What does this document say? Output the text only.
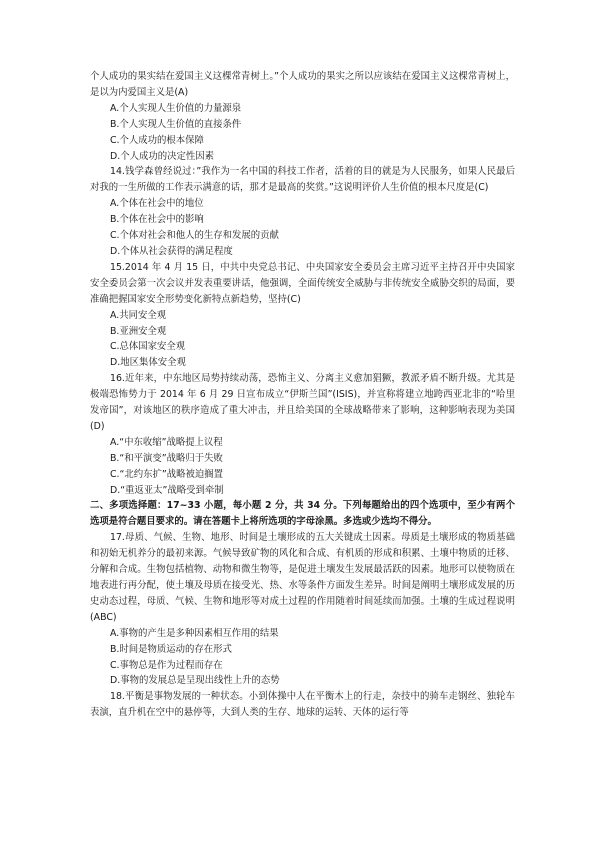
个人成功的果实结在爱国主义这棵常青树上。”个人成功的果实之所以应该结在爱国主义这棵常青树上，是以为内爱国主义是(A)

A.个人实现人生价值的力量源泉

B.个人实现人生价值的直接条件

C.个人成功的根本保障

D.个人成功的决定性因素

14.钱学森曾经说过：”我作为一名中国的科技工作者，活着的目的就是为人民服务，如果人民最后对我的一生所做的工作表示满意的话，那才是最高的奖赏。”这说明评价人生价值的根本尺度是(C)

A.个体在社会中的地位

B.个体在社会中的影响

C.个体对社会和他人的生存和发展的贡献

D.个体从社会获得的满足程度

15.2014 年 4 月 15 日，中共中央党总书记、中央国家安全委员会主席习近平主持召开中央国家安全委员会第一次会议并发表重要讲话，他强调，全面传统安全威胁与非传统安全威胁交织的局面，要准确把握国家安全形势变化新特点新趋势，坚持(C)

A.共同安全观

B.亚洲安全观

C.总体国家安全观

D.地区集体安全观

16.近年来，中东地区局势持续动荡，恐怖主义、分离主义愈加猖獗，教派矛盾不断升级。尤其是极端恐怖势力于 2014 年 6 月 29 日宣布成立“伊斯兰国”(ISIS)，并宣称将建立地跨西亚北非的“哈里发帝国”，对该地区的秩序造成了重大冲击，并且给美国的全球战略带来了影响，这种影响表现为美国(D)

A.“中东收缩”战略提上议程

B.“和平演变”战略归于失败

C.“北约东扩”战略被迫搁置

D.“重返亚太”战略受到牵制

二、多项选择题：17~33 小题，每小题 2 分，共 34 分。下列每题给出的四个选项中，至少有两个选项是符合题目要求的。请在答题卡上将所选项的字母涂黑。多选或少选均不得分。

17.母质、气候、生物、地形、时间是土壤形成的五大关键成土因素。母质是土壤形成的物质基础和初始无机养分的最初来源。气候导致矿物的风化和合成、有机质的形成和积累、土壤中物质的迁移、分解和合成。生物包括植物、动物和微生物等，是促进土壤发生发展最活跃的因素。地形可以使物质在地表进行再分配，使土壤及母质在接受光、热、水等条件方面发生差异。时间是阐明土壤形成发展的历史动态过程，母质、气候、生物和地形等对成土过程的作用随着时间延续而加强。土壤的生成过程说明(ABC)

A.事物的产生是多种因素相互作用的结果

B.时间是物质运动的存在形式

C.事物总是作为过程而存在

D.事物的发展总是呈现出线性上升的态势

18.平衡是事物发展的一种状态。小到体操中人在平衡木上的行走，杂技中的骑车走钢丝、独轮车表演，直升机在空中的悬停等，大到人类的生存、地球的运转、天体的运行等
